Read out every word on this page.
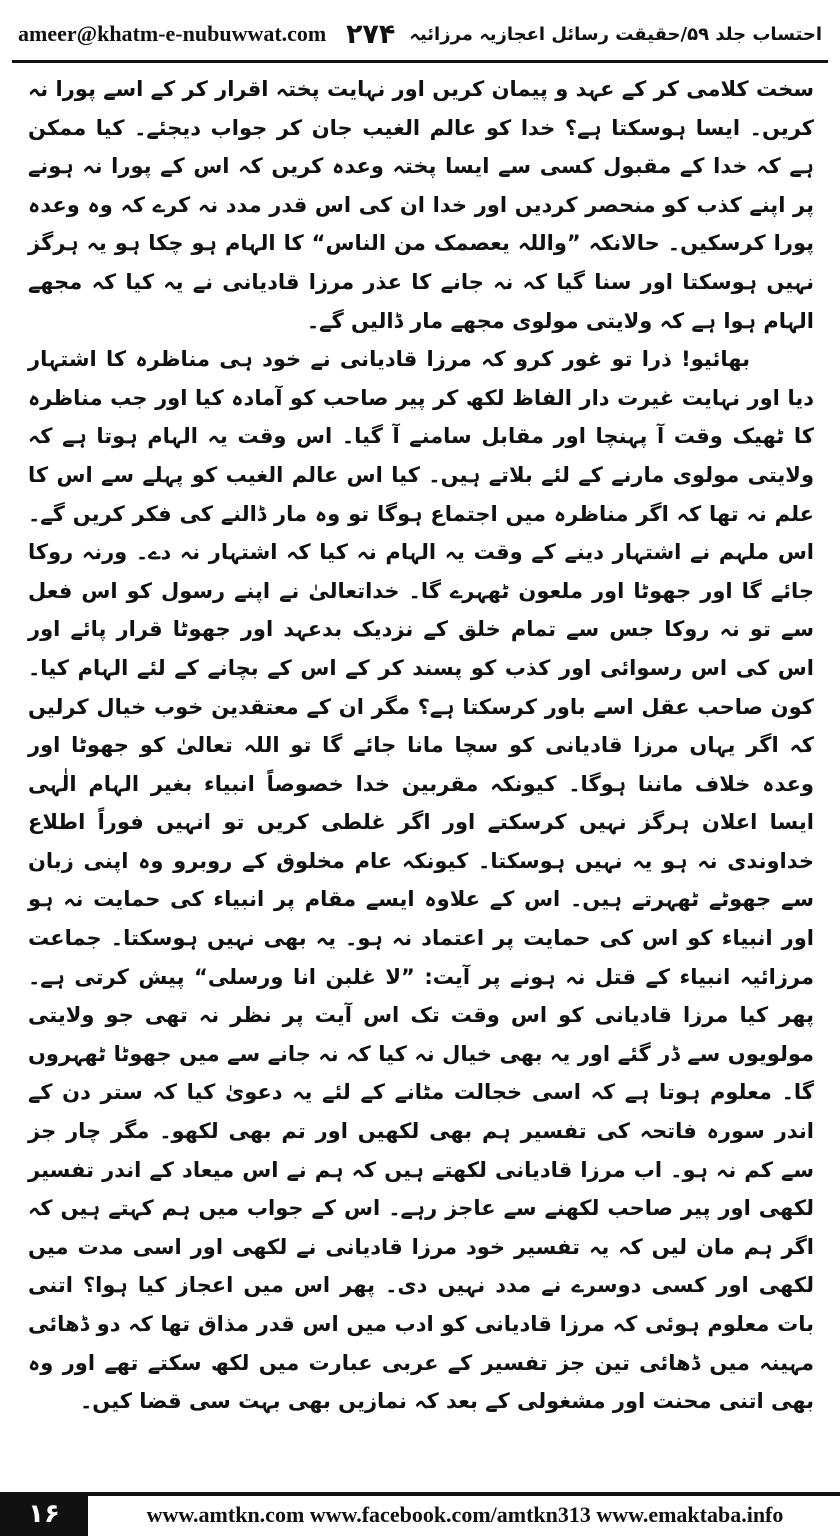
ameer@khatm-e-nubuwwat.com	احتساب جلد ۵۹/حقیقت رسائل اعجازیہ مرزائیہ
۲۷۴

سخت کلامی کر کے عہد و پیمان کریں اور نہایت پختہ اقرار کر کے اسے پورا نہ کریں۔ ایسا ہوسکتا ہے؟ خدا کو عالم الغیب جان کر جواب دیجئے۔ کیا ممکن ہے کہ خدا کے مقبول کسی سے ایسا پختہ وعدہ کریں کہ اس کے پورا نہ ہونے پر اپنے کذب کو منحصر کردیں اور خدا ان کی اس قدر مدد نہ کرے کہ وہ وعدہ پورا کرسکیں۔ حالانکہ ”واللہ یعصمک من الناس“ کا الہام ہو چکا ہو یہ ہرگز نہیں ہوسکتا اور سنا گیا کہ نہ جانے کا عذر مرزا قادیانی نے یہ کیا کہ مجھے الہام ہوا ہے کہ ولایتی مولوی مجھے مار ڈالیں گے۔

بھائیو! ذرا تو غور کرو کہ مرزا قادیانی نے خود ہی مناظرہ کا اشتہار دیا اور نہایت غیرت دار الفاظ لکھ کر پیر صاحب کو آمادہ کیا اور جب مناظرہ کا ٹھیک وقت آ پہنچا اور مقابل سامنے آ گیا۔ اس وقت یہ الہام ہوتا ہے کہ ولایتی مولوی مارنے کے لئے بلاتے ہیں۔ کیا اس عالم الغیب کو پہلے سے اس کا علم نہ تھا کہ اگر مناظرہ میں اجتماع ہوگا تو وہ مار ڈالنے کی فکر کریں گے۔ اس ملہم نے اشتہار دینے کے وقت یہ الہام نہ کیا کہ اشتہار نہ دے۔ ورنہ روکا جائے گا اور جھوٹا اور ملعون ٹھہرے گا۔ خداتعالیٰ نے اپنے رسول کو اس فعل سے تو نہ روکا جس سے تمام خلق کے نزدیک بدعہد اور جھوٹا قرار پائے اور اس کی اس رسوائی اور کذب کو پسند کر کے اس کے بچانے کے لئے الہام کیا۔ کون صاحب عقل اسے باور کرسکتا ہے؟ مگر ان کے معتقدین خوب خیال کرلیں کہ اگر یہاں مرزا قادیانی کو سچا مانا جائے گا تو اللہ تعالیٰ کو جھوٹا اور وعدہ خلاف ماننا ہوگا۔ کیونکہ مقربین خدا خصوصاً انبیاء بغیر الہام الٰہی ایسا اعلان ہرگز نہیں کرسکتے اور اگر غلطی کریں تو انہیں فوراً اطلاع خداوندی نہ ہو یہ نہیں ہوسکتا۔ کیونکہ عام مخلوق کے روبرو وہ اپنی زبان سے جھوٹے ٹھہرتے ہیں۔ اس کے علاوہ ایسے مقام پر انبیاء کی حمایت نہ ہو اور انبیاء کو اس کی حمایت پر اعتماد نہ ہو۔ یہ بھی نہیں ہوسکتا۔ جماعت مرزائیہ انبیاء کے قتل نہ ہونے پر آیت: ”لا غلبن انا ورسلی“ پیش کرتی ہے۔ پھر کیا مرزا قادیانی کو اس وقت تک اس آیت پر نظر نہ تھی جو ولایتی مولویوں سے ڈر گئے اور یہ بھی خیال نہ کیا کہ نہ جانے سے میں جھوٹا ٹھہروں گا۔ معلوم ہوتا ہے کہ اسی خجالت مٹانے کے لئے یہ دعویٰ کیا کہ ستر دن کے اندر سورہ فاتحہ کی تفسیر ہم بھی لکھیں اور تم بھی لکھو۔ مگر چار جز سے کم نہ ہو۔ اب مرزا قادیانی لکھتے ہیں کہ ہم نے اس میعاد کے اندر تفسیر لکھی اور پیر صاحب لکھنے سے عاجز رہے۔ اس کے جواب میں ہم کہتے ہیں کہ اگر ہم مان لیں کہ یہ تفسیر خود مرزا قادیانی نے لکھی اور اسی مدت میں لکھی اور کسی دوسرے نے مدد نہیں دی۔ پھر اس میں اعجاز کیا ہوا؟ اتنی بات معلوم ہوئی کہ مرزا قادیانی کو ادب میں اس قدر مذاق تھا کہ دو ڈھائی مہینہ میں ڈھائی تین جز تفسیر کے عربی عبارت میں لکھ سکتے تھے اور وہ بھی اتنی محنت اور مشغولی کے بعد کہ نمازیں بھی بہت سی قضا کیں۔

۱۶	www.amtkn.com www.facebook.com/amtkn313 www.emaktaba.info
